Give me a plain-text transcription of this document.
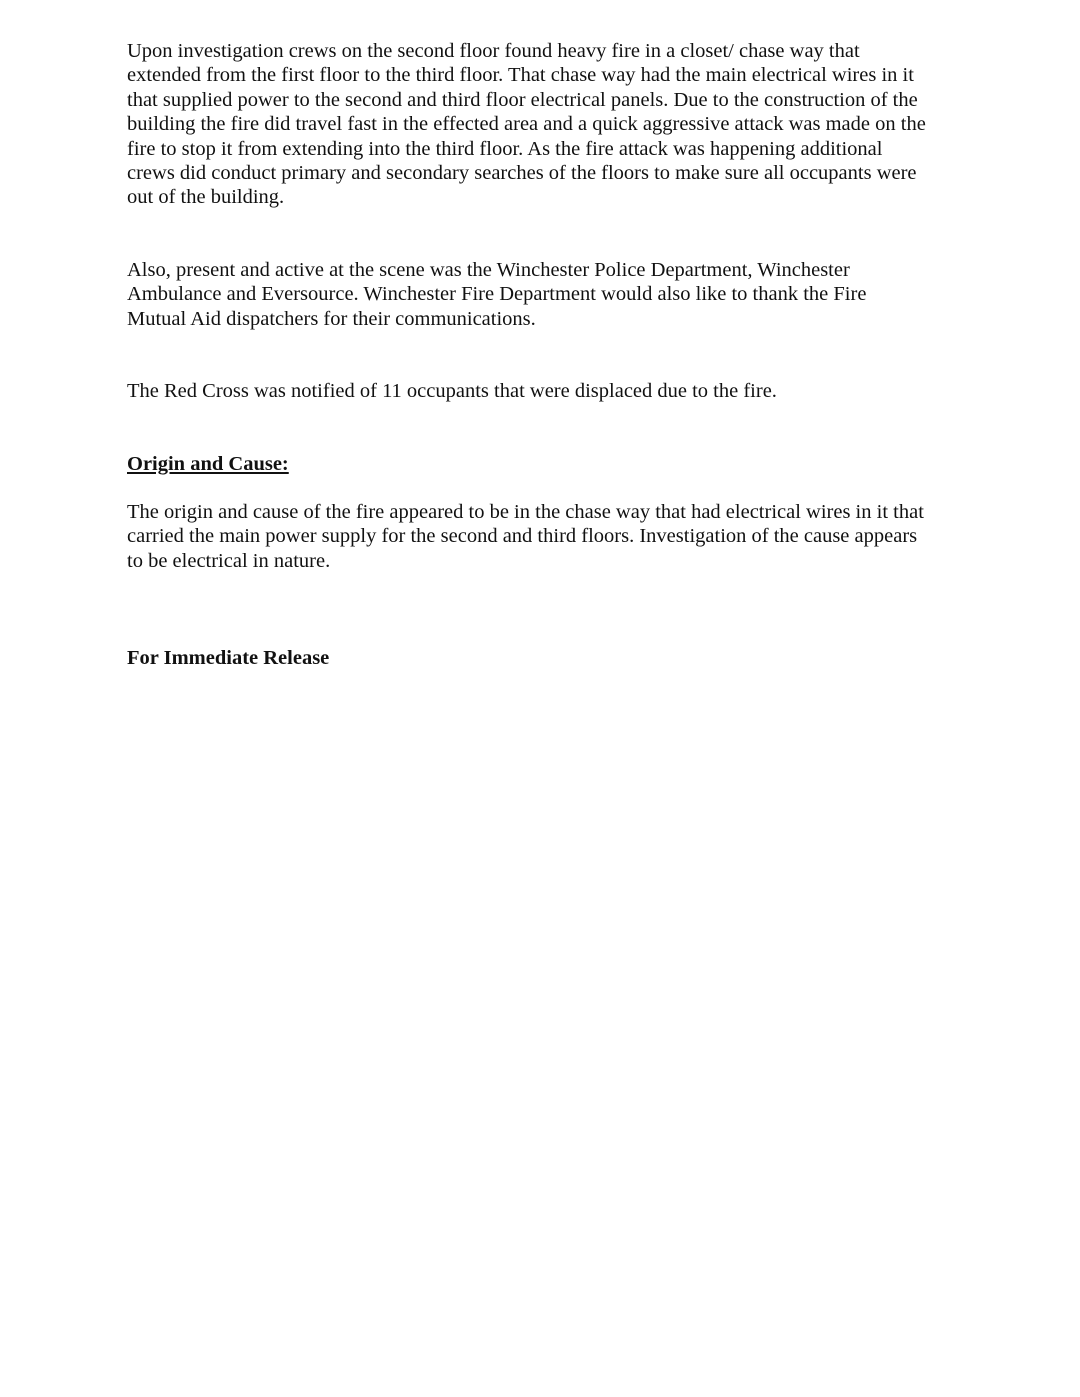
Upon investigation crews on the second floor found heavy fire in a closet/ chase way that
extended from the first floor to the third floor. That chase way had the main electrical wires in it
that supplied power to the second and third floor electrical panels. Due to the construction of the
building the fire did travel fast in the effected area and a quick aggressive attack was made on the
fire to stop it from extending into the third floor. As the fire attack was happening additional
crews did conduct primary and secondary searches of the floors to make sure all occupants were
out of the building.
Also, present and active at the scene was the Winchester Police Department, Winchester
Ambulance and Eversource. Winchester Fire Department would also like to thank the Fire
Mutual Aid dispatchers for their communications.
The Red Cross was notified of 11 occupants that were displaced due to the fire.
Origin and Cause:
The origin and cause of the fire appeared to be in the chase way that had electrical wires in it that
carried the main power supply for the second and third floors. Investigation of the cause appears
to be electrical in nature.
For Immediate Release
